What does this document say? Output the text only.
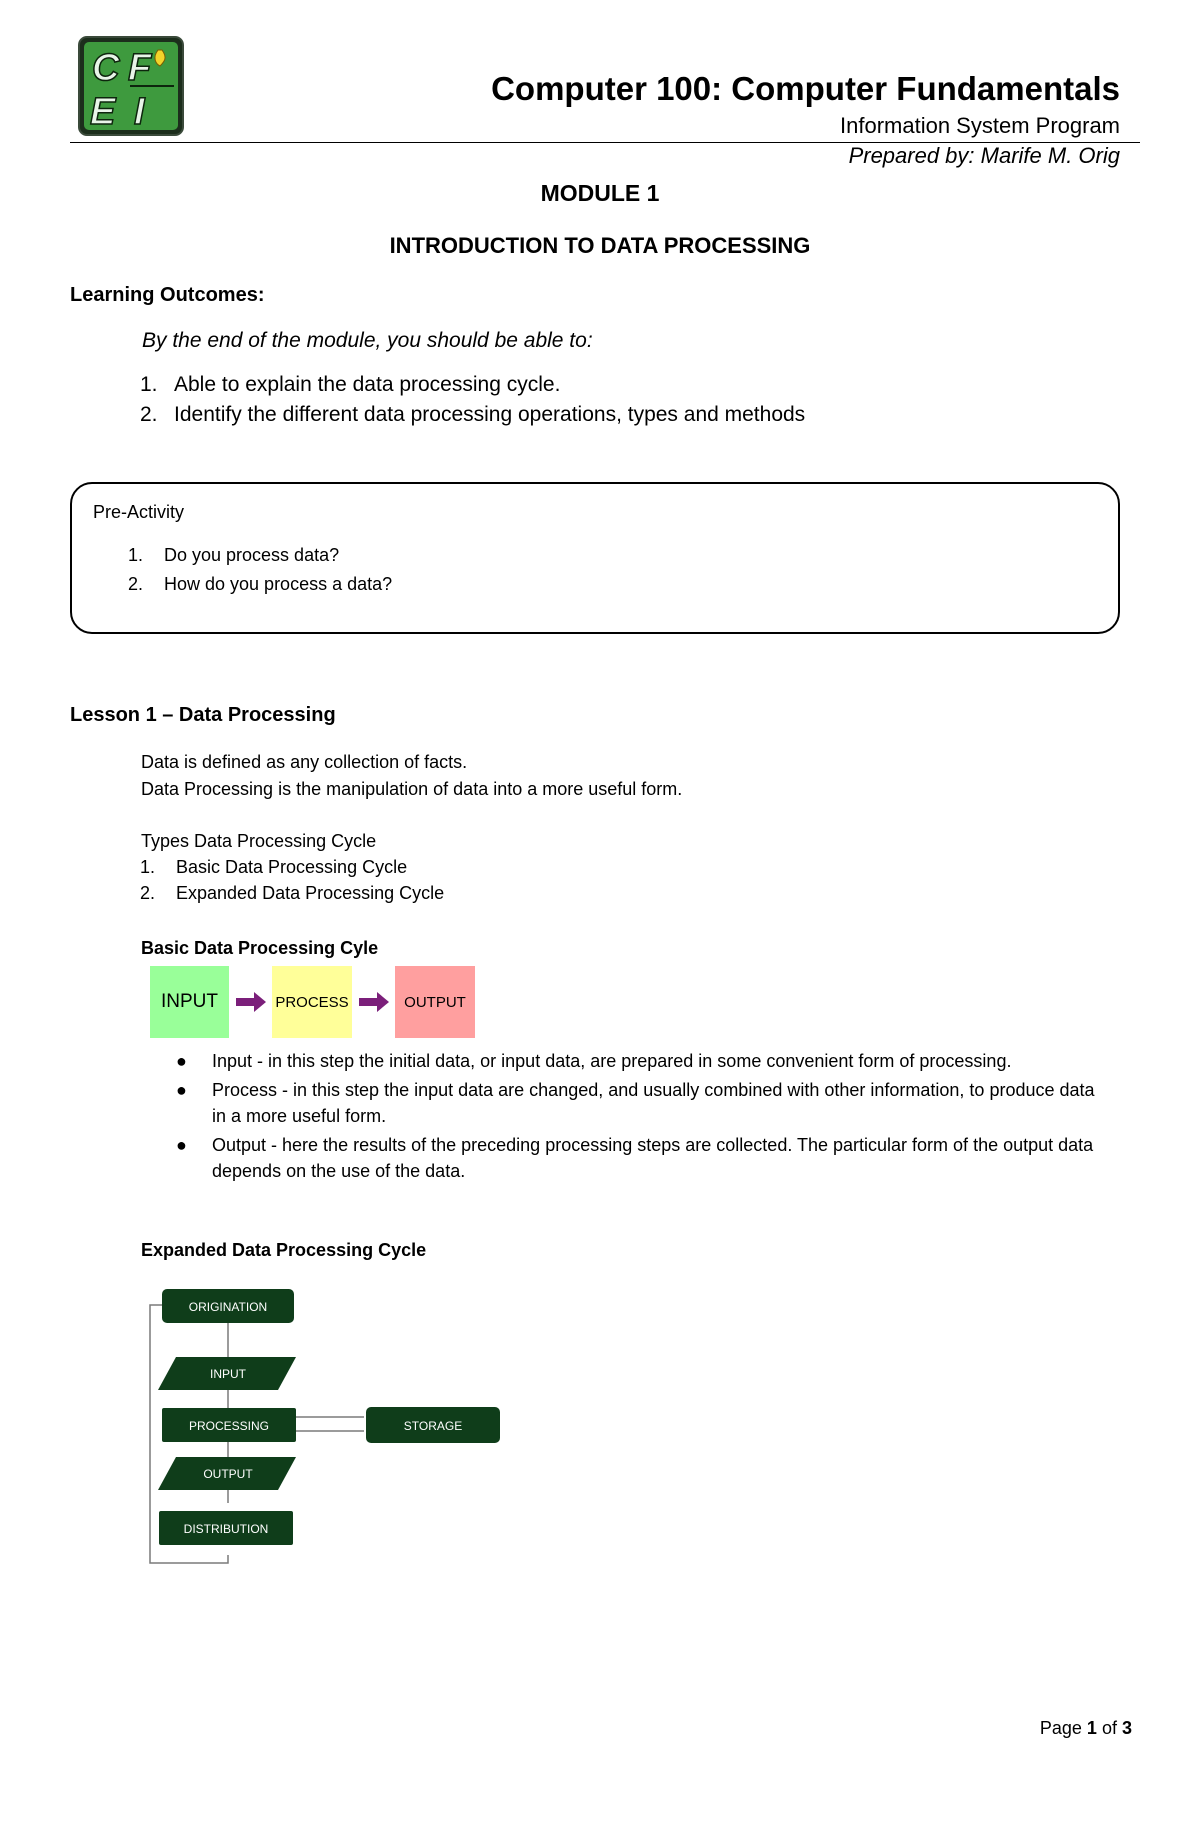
C F
E I
Computer 100: Computer Fundamentals
Information System Program
Prepared by: Marife M. Orig
MODULE 1
INTRODUCTION TO DATA PROCESSING
Learning Outcomes:
By the end of the module, you should be able to:
1. Able to explain the data processing cycle.
2. Identify the different data processing operations, types and methods
Pre-Activity
1. Do you process data?
2. How do you process a data?
Lesson 1 – Data Processing
Data is defined as any collection of facts.
Data Processing is the manipulation of data into a more useful form.
Types Data Processing Cycle
1. Basic Data Processing Cycle
2. Expanded Data Processing Cycle
Basic Data Processing Cyle
INPUT	PROCESS	OUTPUT
● Input - in this step the initial data, or input data, are prepared in some convenient form of processing.
● Process - in this step the input data are changed, and usually combined with other information, to produce data in a more useful form.
● Output - here the results of the preceding processing steps are collected. The particular form of the output data depends on the use of the data.
Expanded Data Processing Cycle
ORIGINATION
INPUT
PROCESSING
OUTPUT
DISTRIBUTION
STORAGE
Page 1 of 3
